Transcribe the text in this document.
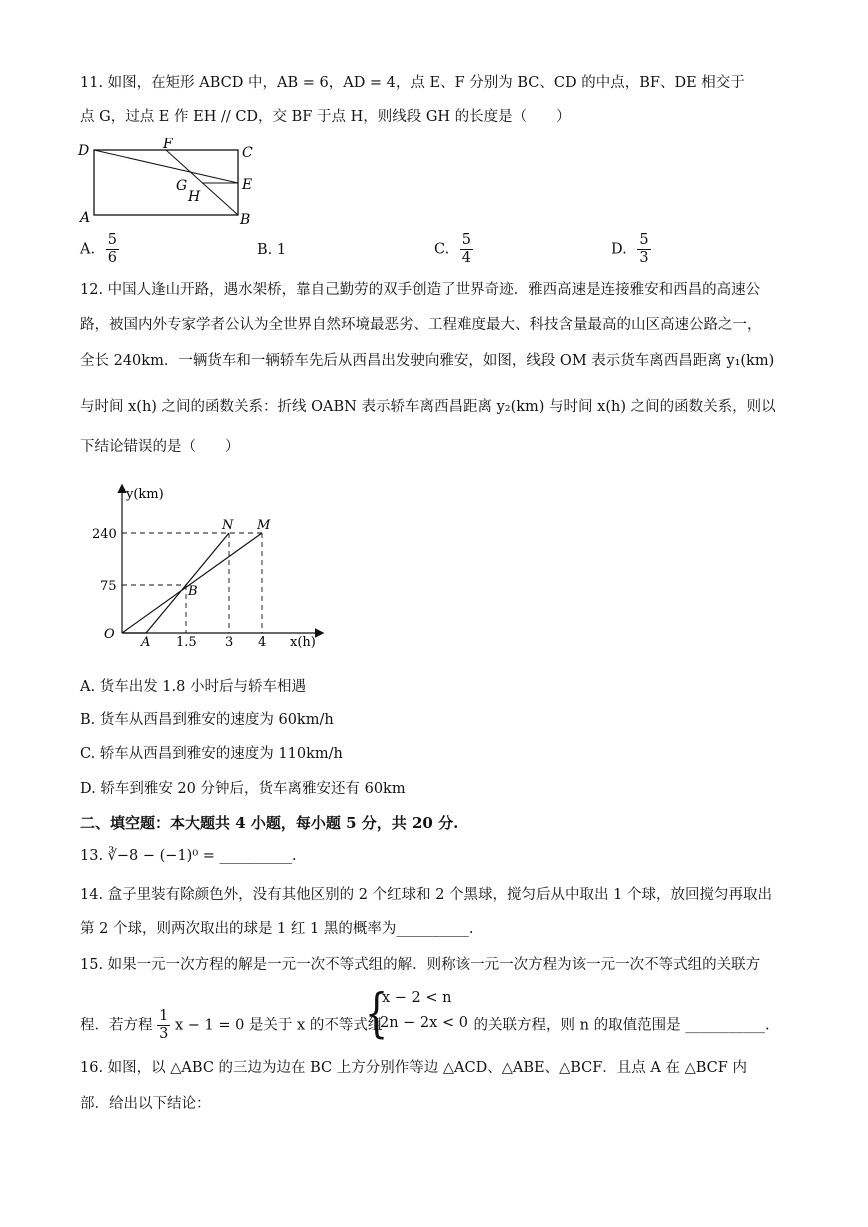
11. 如图，在矩形 ABCD 中，AB = 6，AD = 4，点 E、F 分别为 BC、CD 的中点，BF、DE 相交于
点 G，过点 E 作 EH // CD，交 BF 于点 H，则线段 GH 的长度是（　　）
D	C
F
G
H
E
A	B
A. $\frac{5}{6}$	B. 1	C. $\frac{5}{4}$	D. $\frac{5}{3}$
12. 中国人逢山开路，遇水架桥，靠自己勤劳的双手创造了世界奇迹．雅西高速是连接雅安和西昌的高速公
路，被国内外专家学者公认为全世界自然环境最恶劣、工程难度最大、科技含量最高的山区高速公路之一，
全长 240km．一辆货车和一辆轿车先后从西昌出发驶向雅安，如图，线段 OM 表示货车离西昌距离 y₁(km)
与时间 x(h) 之间的函数关系：折线 OABN 表示轿车离西昌距离 y₂(km) 与时间 x(h) 之间的函数关系，则以
下结论错误的是（　　）
y(km)
x(h)
O
240
75
1.5 3 4
A
B
N M
A. 货车出发 1.8 小时后与轿车相遇
B. 货车从西昌到雅安的速度为 60km/h
C. 轿车从西昌到雅安的速度为 110km/h
D. 轿车到雅安 20 分钟后，货车离雅安还有 60km
二、填空题：本大题共 4 小题，每小题 5 分，共 20 分.
13. ∛−8 − (−1)⁰ = __________.
14. 盒子里装有除颜色外，没有其他区别的 2 个红球和 2 个黑球，搅匀后从中取出 1 个球，放回搅匀再取出
第 2 个球，则两次取出的球是 1 红 1 黑的概率为__________.
15. 如果一元一次方程的解是一元一次不等式组的解．则称该一元一次方程为该一元一次不等式组的关联方
程．若方程 $\frac{1}{3}$ x − 1 = 0 是关于 x 的不等式组	的关联方程，则 n 的取值范围是 ___________.
{
x − 2 < n
2n − 2x < 0
16. 如图，以 △ABC 的三边为边在 BC 上方分别作等边 △ACD、△ABE、△BCF．且点 A 在 △BCF 内
部．给出以下结论：
